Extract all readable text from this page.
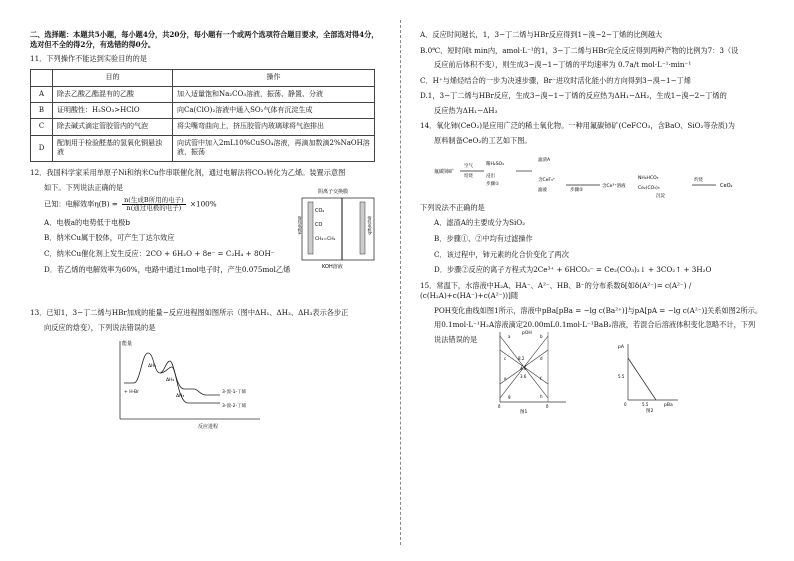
二、选择题：本题共5小题，每小题4分，共20分，每小题有一个或两个选项符合题目要求，全部选对得4分，选对但不全的得2分，有选错的得0分。

11．下列操作不能达到实验目的的是

	目的	操作
A	除去乙酸乙酯混有的乙酸	加入适量饱和Na₂CO₃溶液，振荡、静置、分液
B	证明酸性：H₂SO₃>HClO	向Ca(ClO)₂溶液中通入SO₂气体有沉淀生成
C	除去碱式滴定管胶管内的气泡	将尖嘴弯曲向上，挤压胶管内玻璃球将气泡排出
D	配制用于检验醛基的氢氧化铜悬浊液	向试管中加入2mL10%CuSO₄溶液，再滴加数滴2%NaOH溶液，振荡

12．我国科学家采用单原子Ni和纳米Cu作串联催化剂，通过电解法将CO₂转化为乙烯。装置示意图

如下。下列说法正确的是

已知：电解效率$\eta(B) = \frac{\text{n(生成B所用的电子)}}{\text{n(通过电极的电子)}} \times 100\%$

A．电极a的电势低于电极b

B．纳米Cu属于胶体，可产生丁达尔效应

C．纳米Cu催化剂上发生反应：2CO + 6H₂O + 8e⁻ = C₂H₄ + 8OH⁻

D．若乙烯的电解效率为60%，电路中通过1mol电子时，产生0.075mol乙烯

阴离子交换膜
CO₂
CO
CH₂=CH₂
KOH溶液
惰性电极a	惰性电极b

13．已知1，3−丁二烯与HBr加成的能量−反应进程图如图所示（图中ΔH₁、ΔH₂、ΔH₃表示各步正

向反应的焓变），下列说法错误的是

能量
反应进程
ΔH₁
ΔH₂
ΔH₃
+ H-Br	3-溴-1-丁烯
3-溴-2-丁烯

A．反应时间越长，1，3−丁二烯与HBr反应得到1−溴−2−丁烯的比例越大

B.0℃、短时间t min内，amol·L⁻¹的1，3−丁二烯与HBr完全反应得到两种产物的比例为7：3（设

反应前后体积不变），则生成3−溴−1−丁烯的平均速率为 0.7a/t mol·L⁻¹·min⁻¹

C．H⁺与烯烃结合的一步为决速步骤，Br⁻进攻时活化能小的方向得到3−溴−1−丁烯

D.1，3−丁二烯与HBr反应，生成3−溴−1−丁烯的反应热为ΔH₁−ΔH₂，生成1−溴−2−丁烯的

反应热为ΔH₁−ΔH₃

14．氧化铈(CeO₂)是应用广泛的稀土氧化物。一种用氟碳铈矿(CeFCO₃，含BaO、SiO₂等杂质)为

原料制备CeO₂的工艺如下图。

氟碳铈矿
空气
焙烧
稀H₂SO₄
浸出
步骤①
滤渣A
含CeF₃⁺
滤液	步骤②
含Ce³⁺溶液
NH₄HCO₃
Ce₂(CO₃)₃
沉淀
灼烧
CeO₂

下列说法不正确的是

A．滤渣A的主要成分为SiO₂

B．步骤①、②中均有过滤操作

C．该过程中，铈元素的化合价变化了两次

D．步骤②反应的离子方程式为2Ce³⁺ + 6HCO₃⁻ = Ce₂(CO₃)₃↓ + 3CO₂↑ + 3H₂O

15．常温下，水溶液中H₂A、HA⁻、A²⁻、HB、B⁻的分布系数δ[如δ(A²⁻)= c(A²⁻) / (c(H₂A)+c(HA⁻)+c(A²⁻))]随

POH变化曲线如图1所示，溶液中pBa[pBa = −lg c(Ba²⁺)]与pA[pA = −lg c(A²⁻)]关系如图2所示。

用0.1mol·L⁻¹H₂A溶液滴定20.00mL0.1mol·L⁻¹BaB₂溶液，若混合后溶液体积变化忽略不计，下列

说法错误的是

pOH
a	b
c	d
e	f
g	h
8.2
4.6
3.6
δ	δ
图1
pA
5.5
0	5.5	pBa
图2
